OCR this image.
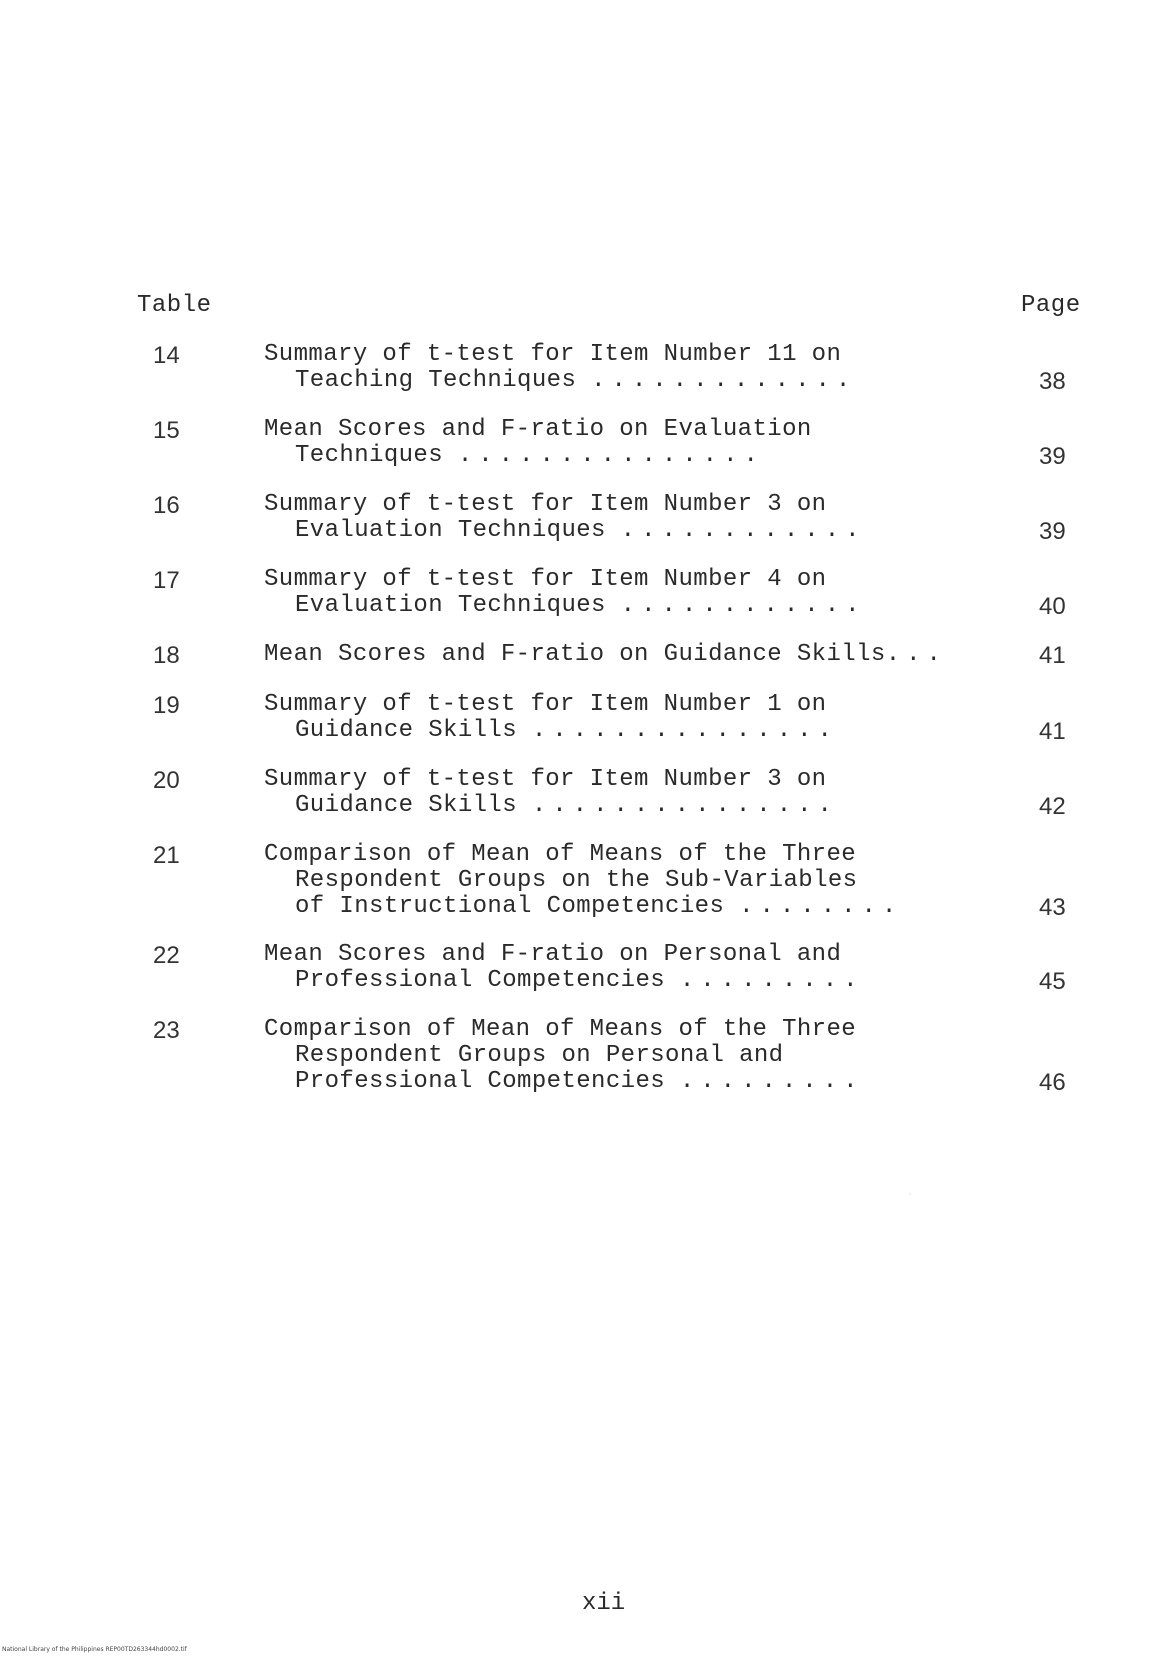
Table	Page
14	Summary of t-test for Item Number 11 on
Teaching Techniques .............	38
15	Mean Scores and F-ratio on Evaluation
Techniques ...............	39
16	Summary of t-test for Item Number 3 on
Evaluation Techniques ............	39
17	Summary of t-test for Item Number 4 on
Evaluation Techniques ............	40
18	Mean Scores and F-ratio on Guidance Skills...	41
19	Summary of t-test for Item Number 1 on
Guidance Skills ...............	41
20	Summary of t-test for Item Number 3 on
Guidance Skills ...............	42
21	Comparison of Mean of Means of the Three
Respondent Groups on the Sub-Variables
of Instructional Competencies ........	43
22	Mean Scores and F-ratio on Personal and
Professional Competencies .........	45
23	Comparison of Mean of Means of the Three
Respondent Groups on Personal and
Professional Competencies .........	46
xii
National Library of the Philippines REP00TD263344hd0002.tif
